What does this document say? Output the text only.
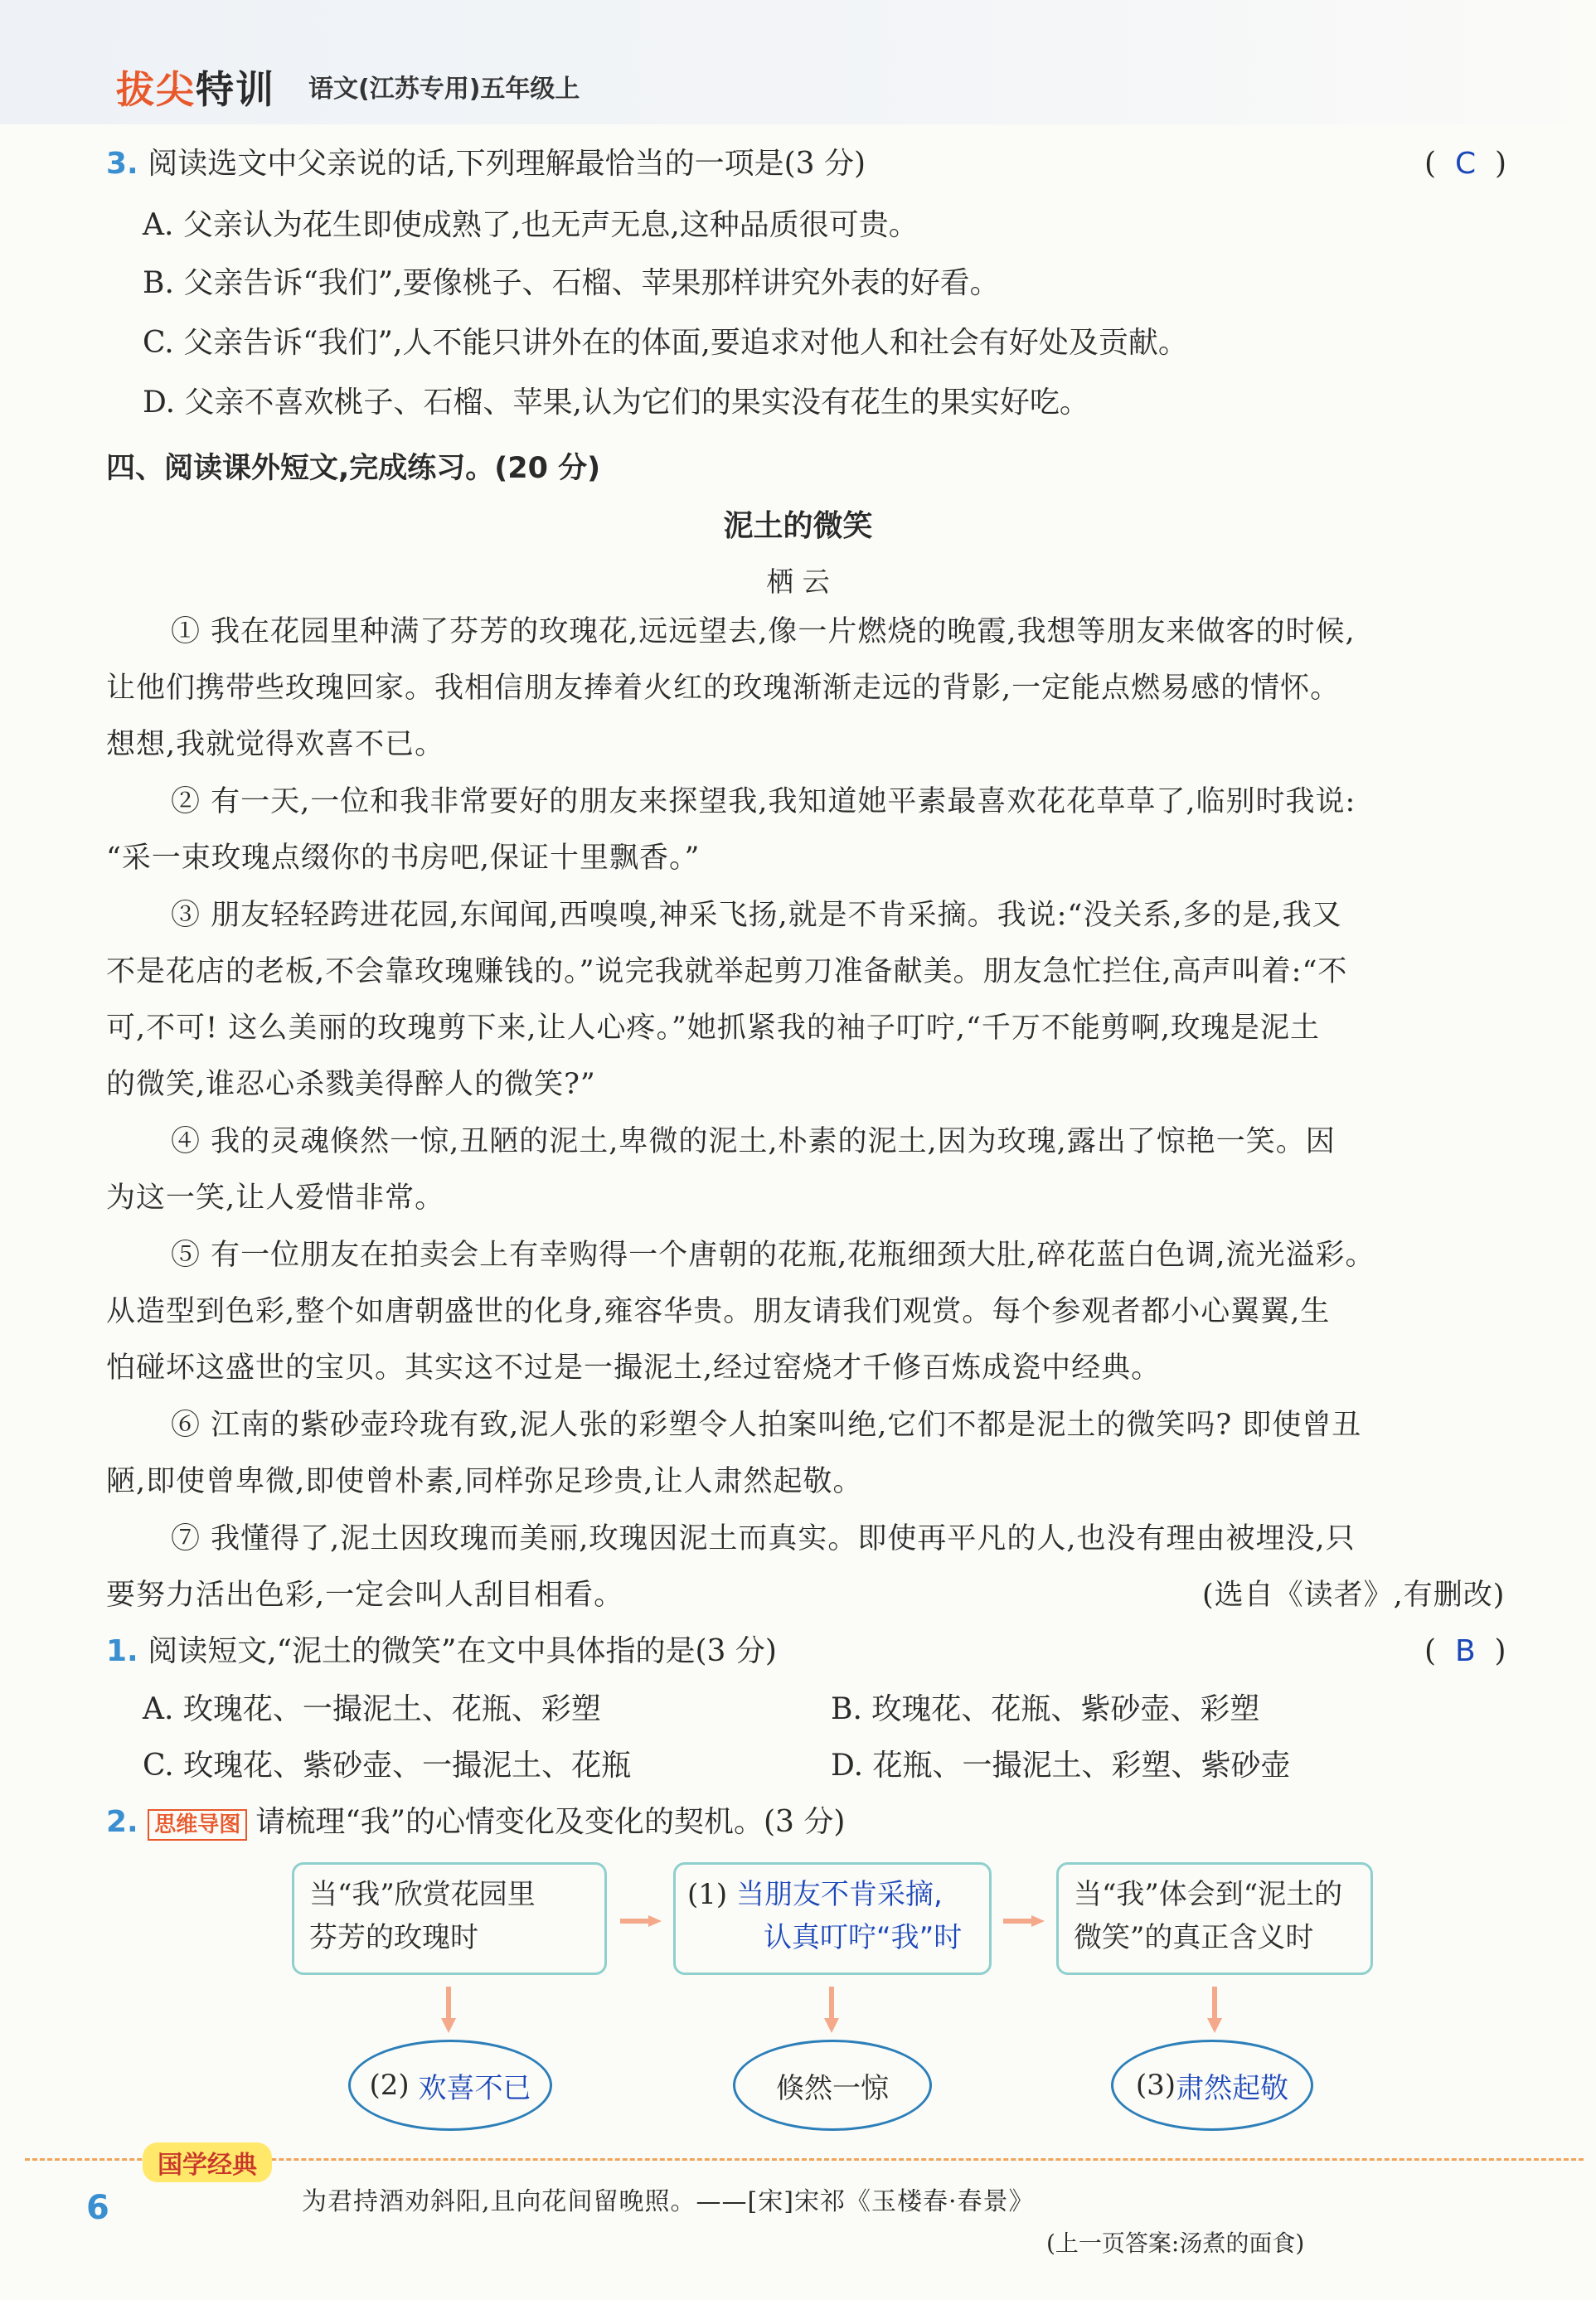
拔尖特训 语文(江苏专用)五年级上
3. 阅读选文中父亲说的话,下列理解最恰当的一项是(3 分)	( C )
A. 父亲认为花生即使成熟了,也无声无息,这种品质很可贵。
B. 父亲告诉“我们”,要像桃子、石榴、苹果那样讲究外表的好看。
C. 父亲告诉“我们”,人不能只讲外在的体面,要追求对他人和社会有好处及贡献。
D. 父亲不喜欢桃子、石榴、苹果,认为它们的果实没有花生的果实好吃。
四、阅读课外短文,完成练习。(20 分)
泥土的微笑
栖 云
① 我在花园里种满了芬芳的玫瑰花,远远望去,像一片燃烧的晚霞,我想等朋友来做客的时候,
让他们携带些玫瑰回家。我相信朋友捧着火红的玫瑰渐渐走远的背影,一定能点燃易感的情怀。
想想,我就觉得欢喜不已。
② 有一天,一位和我非常要好的朋友来探望我,我知道她平素最喜欢花花草草了,临别时我说:
“采一束玫瑰点缀你的书房吧,保证十里飘香。”
③ 朋友轻轻跨进花园,东闻闻,西嗅嗅,神采飞扬,就是不肯采摘。我说:“没关系,多的是,我又
不是花店的老板,不会靠玫瑰赚钱的。”说完我就举起剪刀准备献美。朋友急忙拦住,高声叫着:“不
可,不可! 这么美丽的玫瑰剪下来,让人心疼。”她抓紧我的袖子叮咛,“千万不能剪啊,玫瑰是泥土
的微笑,谁忍心杀戮美得醉人的微笑?”
④ 我的灵魂倏然一惊,丑陋的泥土,卑微的泥土,朴素的泥土,因为玫瑰,露出了惊艳一笑。因
为这一笑,让人爱惜非常。
⑤ 有一位朋友在拍卖会上有幸购得一个唐朝的花瓶,花瓶细颈大肚,碎花蓝白色调,流光溢彩。
从造型到色彩,整个如唐朝盛世的化身,雍容华贵。朋友请我们观赏。每个参观者都小心翼翼,生
怕碰坏这盛世的宝贝。其实这不过是一撮泥土,经过窑烧才千修百炼成瓷中经典。
⑥ 江南的紫砂壶玲珑有致,泥人张的彩塑令人拍案叫绝,它们不都是泥土的微笑吗? 即使曾丑
陋,即使曾卑微,即使曾朴素,同样弥足珍贵,让人肃然起敬。
⑦ 我懂得了,泥土因玫瑰而美丽,玫瑰因泥土而真实。即使再平凡的人,也没有理由被埋没,只
要努力活出色彩,一定会叫人刮目相看。	(选自《读者》,有删改)
1. 阅读短文,“泥土的微笑”在文中具体指的是(3 分)	( B )
A. 玫瑰花、一撮泥土、花瓶、彩塑	B. 玫瑰花、花瓶、紫砂壶、彩塑
C. 玫瑰花、紫砂壶、一撮泥土、花瓶	D. 花瓶、一撮泥土、彩塑、紫砂壶
2. 思维导图 请梳理“我”的心情变化及变化的契机。(3 分)
当“我”欣赏花园里
芬芳的玫瑰时
(1) 当朋友不肯采摘,
认真叮咛“我”时
当“我”体会到“泥土的
微笑”的真正含义时
(2)
欢喜不已	倏然一惊	(3) 肃然起敬
国学经典
为君持酒劝斜阳,且向花间留晚照。——[宋]宋祁《玉楼春·春景》
(上一页答案:汤煮的面食)
6
